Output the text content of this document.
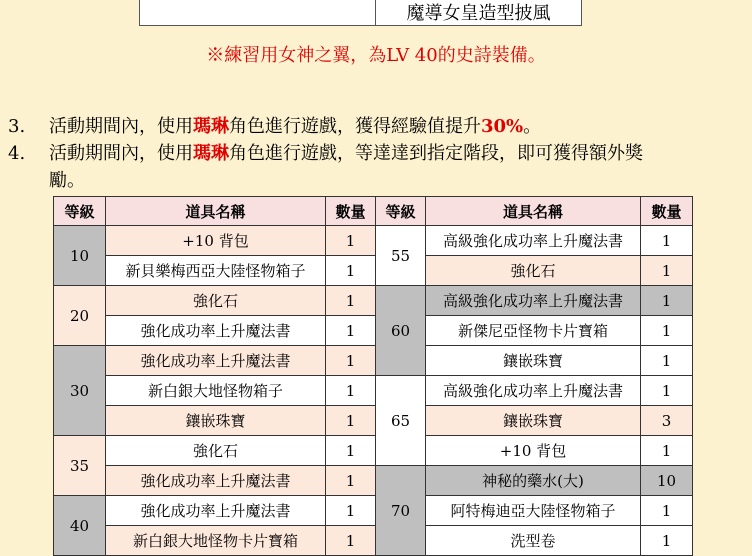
	魔導女皇造型披風
※練習用女神之翼，為LV 40的史詩裝備。
3.	活動期間內，使用瑪琳角色進行遊戲，獲得經驗值提升30%。
4.	活動期間內，使用瑪琳角色進行遊戲，等達達到指定階段，即可獲得額外獎
勵。
等級	道具名稱	數量	等級	道具名稱	數量
10	+10 背包	1	55	高級強化成功率上升魔法書	1
	新貝樂梅西亞大陸怪物箱子	1		強化石	1
20	強化石	1	60	高級強化成功率上升魔法書	1
	強化成功率上升魔法書	1		新傑尼亞怪物卡片寶箱	1
30	強化成功率上升魔法書	1		鑲嵌珠寶	1
	新白銀大地怪物箱子	1	65	高級強化成功率上升魔法書	1
	鑲嵌珠寶	1		鑲嵌珠寶	3
35	強化石	1		+10 背包	1
	強化成功率上升魔法書	1	70	神秘的藥水(大)	10
40	強化成功率上升魔法書	1		阿特梅迪亞大陸怪物箱子	1
	新白銀大地怪物卡片寶箱	1		洗型卷	1
